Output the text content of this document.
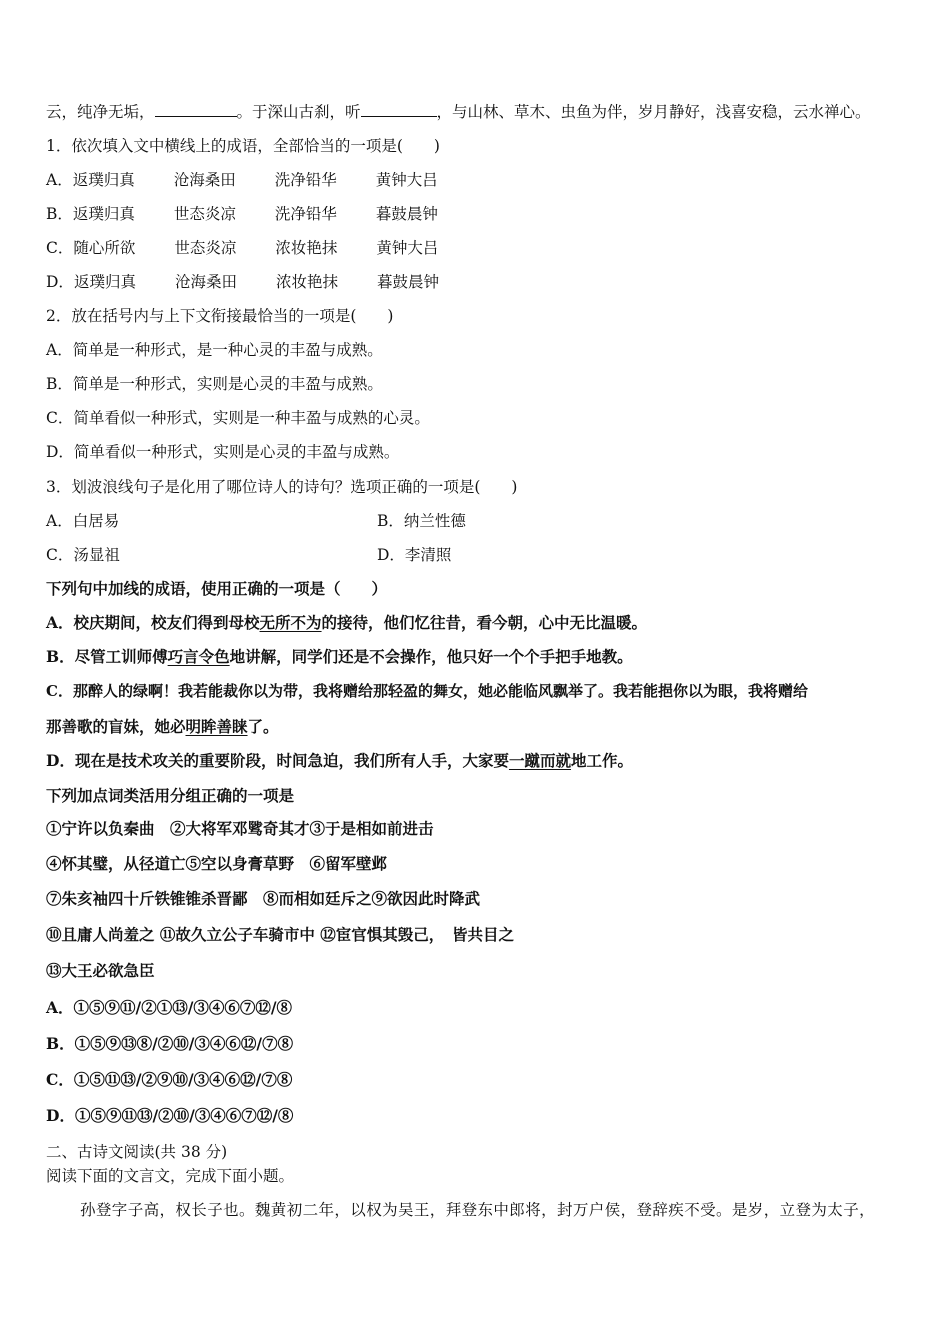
云，纯净无垢，	。于深山古刹，听	，与山林、草木、虫鱼为伴，岁月静好，浅喜安稳，云水禅心。
1．依次填入文中横线上的成语，全部恰当的一项是(　　)
A．返璞归真	沧海桑田	洗净铅华	黄钟大吕
B．返璞归真	世态炎凉	洗净铅华	暮鼓晨钟
C．随心所欲	世态炎凉	浓妆艳抹	黄钟大吕
D．返璞归真	沧海桑田	浓妆艳抹	暮鼓晨钟
2．放在括号内与上下文衔接最恰当的一项是(　　)
A．简单是一种形式，是一种心灵的丰盈与成熟。
B．简单是一种形式，实则是心灵的丰盈与成熟。
C．简单看似一种形式，实则是一种丰盈与成熟的心灵。
D．简单看似一种形式，实则是心灵的丰盈与成熟。
3．划波浪线句子是化用了哪位诗人的诗句？选项正确的一项是(　　)
A．白居易	B．纳兰性德
C．汤显祖	D．李清照
下列句中加线的成语，使用正确的一项是（　　）
A．校庆期间，校友们得到母校无所不为的接待，他们忆往昔，看今朝，心中无比温暖。
B．尽管工训师傅巧言令色地讲解，同学们还是不会操作，他只好一个个手把手地教。
C．那醉人的绿啊！我若能裁你以为带，我将赠给那轻盈的舞女，她必能临风飘举了。我若能挹你以为眼，我将赠给
那善歌的盲妹，她必明眸善睐了。
D．现在是技术攻关的重要阶段，时间急迫，我们所有人手，大家要一蹴而就地工作。
下列加点词类活用分组正确的一项是
①宁许以负秦曲　②大将军邓骘奇其才③于是相如前进击
④怀其璧，从径道亡⑤空以身膏草野　⑥留军壁邺
⑦朱亥袖四十斤铁锥锥杀晋鄙　⑧而相如廷斥之⑨欲因此时降武
⑩且庸人尚羞之 ⑪故久立公子车骑市中 ⑫宦官惧其毁己，　皆共目之
⑬大王必欲急臣
A．①⑤⑨⑪/②①⑬/③④⑥⑦⑫/⑧
B．①⑤⑨⑬⑧/②⑩/③④⑥⑫/⑦⑧
C．①⑤⑪⑬/②⑨⑩/③④⑥⑫/⑦⑧
D．①⑤⑨⑪⑬/②⑩/③④⑥⑦⑫/⑧
二、古诗文阅读(共 38 分)
阅读下面的文言文，完成下面小题。
孙登字子高，权长子也。魏黄初二年，以权为吴王，拜登东中郎将，封万户侯，登辞疾不受。是岁，立登为太子，
